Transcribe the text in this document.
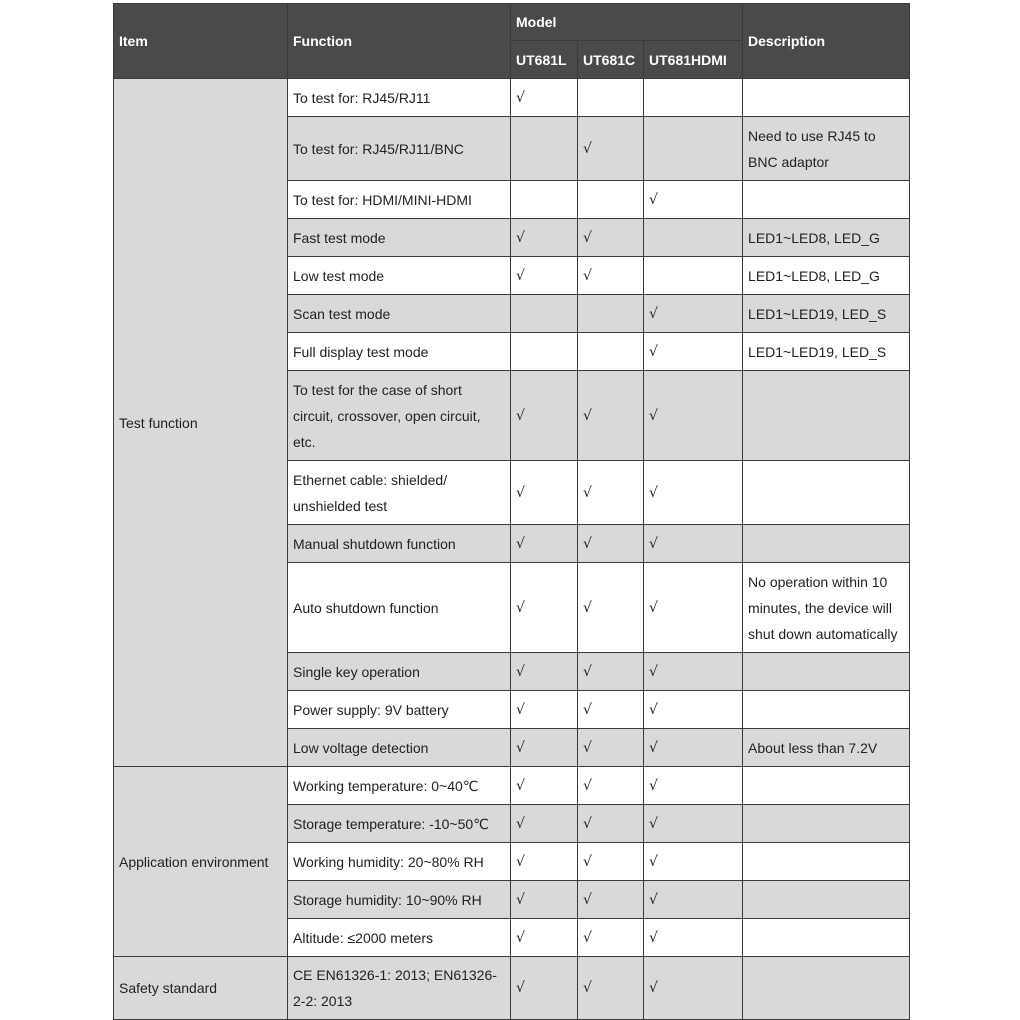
Item	Function	Model			Description
		UT681L	UT681C	UT681HDMI	
Test function	To test for: RJ45/RJ11	√			
	To test for: RJ45/RJ11/BNC		√		Need to use RJ45 to BNC adaptor
	To test for: HDMI/MINI-HDMI			√	
	Fast test mode	√	√		LED1~LED8, LED_G
	Low test mode	√	√		LED1~LED8, LED_G
	Scan test mode			√	LED1~LED19, LED_S
	Full display test mode			√	LED1~LED19, LED_S
	To test for the case of short circuit, crossover, open circuit, etc.	√	√	√	
	Ethernet cable: shielded/ unshielded test	√	√	√	
	Manual shutdown function	√	√	√	
	Auto shutdown function	√	√	√	No operation within 10 minutes, the device will shut down automatically
	Single key operation	√	√	√	
	Power supply: 9V battery	√	√	√	
	Low voltage detection	√	√	√	About less than 7.2V
Application environment	Working temperature: 0~40℃	√	√	√	
	Storage temperature: -10~50℃	√	√	√	
	Working humidity: 20~80% RH	√	√	√	
	Storage humidity: 10~90% RH	√	√	√	
	Altitude: ≤2000 meters	√	√	√	
Safety standard	CE EN61326-1: 2013; EN61326-2-2: 2013	√	√	√	
